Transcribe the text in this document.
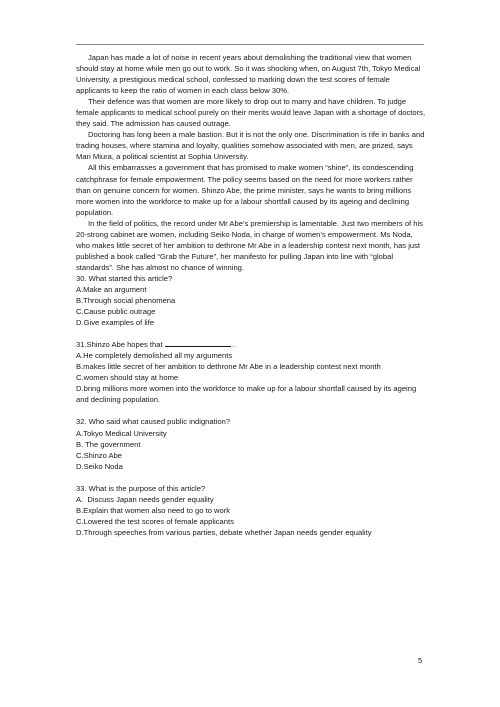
Japan has made a lot of noise in recent years about demolishing the traditional view that women should stay at home while men go out to work. So it was shocking when, on August 7th, Tokyo Medical University, a prestigious medical school, confessed to marking down the test scores of female applicants to keep the ratio of women in each class below 30%.

Their defence was that women are more likely to drop out to marry and have children. To judge female applicants to medical school purely on their merits would leave Japan with a shortage of doctors, they said. The admission has caused outrage.

Doctoring has long been a male bastion. But it is not the only one. Discrimination is rife in banks and trading houses, where stamina and loyalty, qualities somehow associated with men, are prized, says Mari Miura, a political scientist at Sophia University.

All this embarrasses a government that has promised to make women “shine”, its condescending catchphrase for female empowerment. The policy seems based on the need for more workers rather than on genuine concern for women. Shinzo Abe, the prime minister, says he wants to bring millions more women into the workforce to make up for a labour shortfall caused by its ageing and declining population.

In the field of politics, the record under Mr Abe’s premiership is lamentable. Just two members of his 20-strong cabinet are women, including Seiko Noda, in charge of women’s empowerment. Ms Noda, who makes little secret of her ambition to dethrone Mr Abe in a leadership contest next month, has just published a book called “Grab the Future”, her manifesto for pulling Japan into line with “global standards”. She has almost no chance of winning.

30. What started this article?
A.Make an argument
B.Through social phenomena
C.Cause public outrage
D.Give examples of life
31.Shinzo Abe hopes that	.
A.He completely demolished all my arguments
B.makes little secret of her ambition to dethrone Mr Abe in a leadership contest next month
C.women should stay at home
D.bring millions more women into the workforce to make up for a labour shortfall caused by its ageing and declining population.
32. Who said what caused public indignation?
A.Tokyo Medical University
B. The government
C.Shinzo Abe
D.Seiko Noda
33. What is the purpose of this article?
A.  Discuss Japan needs gender equality
B.Explain that women also need to go to work
C.Lowered the test scores of female applicants
D.Through speeches from various parties, debate whether Japan needs gender equality
5
